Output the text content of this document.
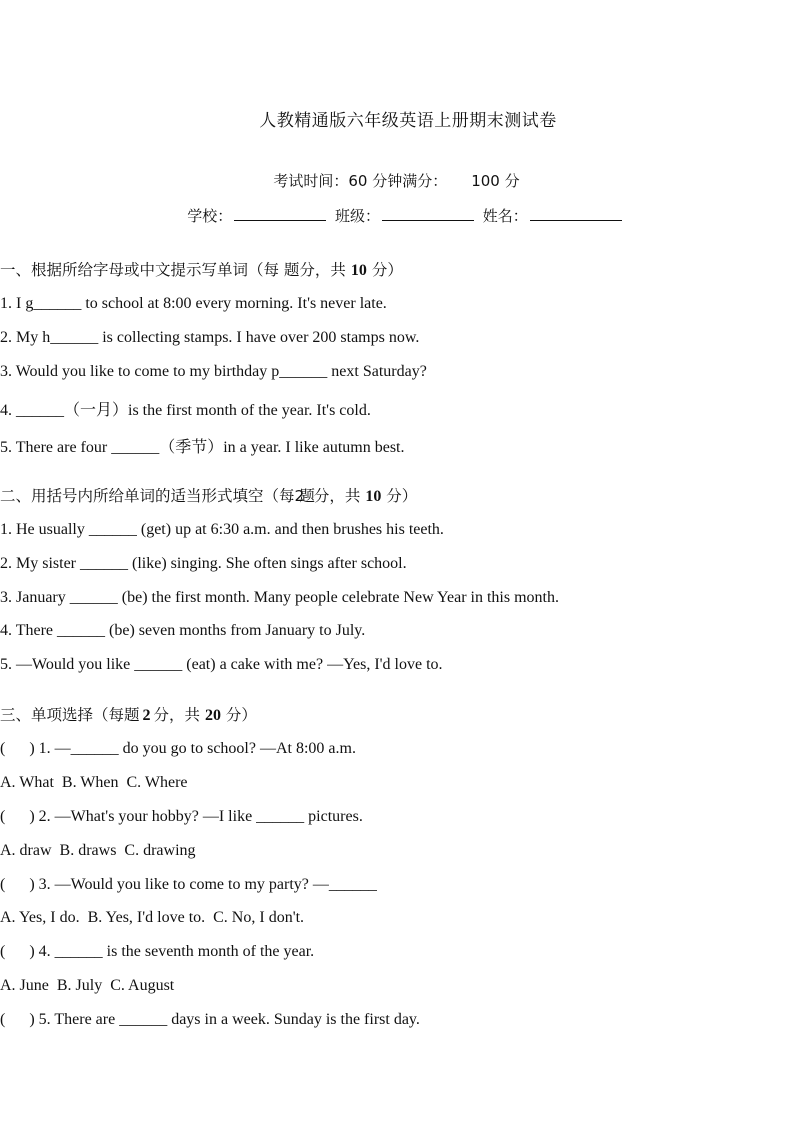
人教精通版六年级英语上册期末测试卷
考试时间：60 分钟满分： 100 分
学校：	班级：	姓名：
一、根据所给字母或中文提示写单词（每 题分，共 10 分）
1. I g______ to school at 8:00 every morning. It's never late.
2. My h______ is collecting stamps. I have over 200 stamps now.
3. Would you like to come to my birthday p______ next Saturday?
4. ______（一月）is the first month of the year. It's cold.
5. There are four ______（季节）in a year. I like autumn best.
二、用括号内所给单词的适当形式填空（每2题 分，共 10 分）
1. He usually ______ (get) up at 6:30 a.m. and then brushes his teeth.
2. My sister ______ (like) singing. She often sings after school.
3. January ______ (be) the first month. Many people celebrate New Year in this month.
4. There ______ (be) seven months from January to July.
5. —Would you like ______ (eat) a cake with me? —Yes, I'd love to.
三、单项选择（每题 2 分，共 20 分）
(      ) 1. —______ do you go to school? —At 8:00 a.m.
A. What  B. When  C. Where
(      ) 2. —What's your hobby? —I like ______ pictures.
A. draw  B. draws  C. drawing
(      ) 3. —Would you like to come to my party? —______
A. Yes, I do.  B. Yes, I'd love to.  C. No, I don't.
(      ) 4. ______ is the seventh month of the year.
A. June  B. July  C. August
(      ) 5. There are ______ days in a week. Sunday is the first day.
